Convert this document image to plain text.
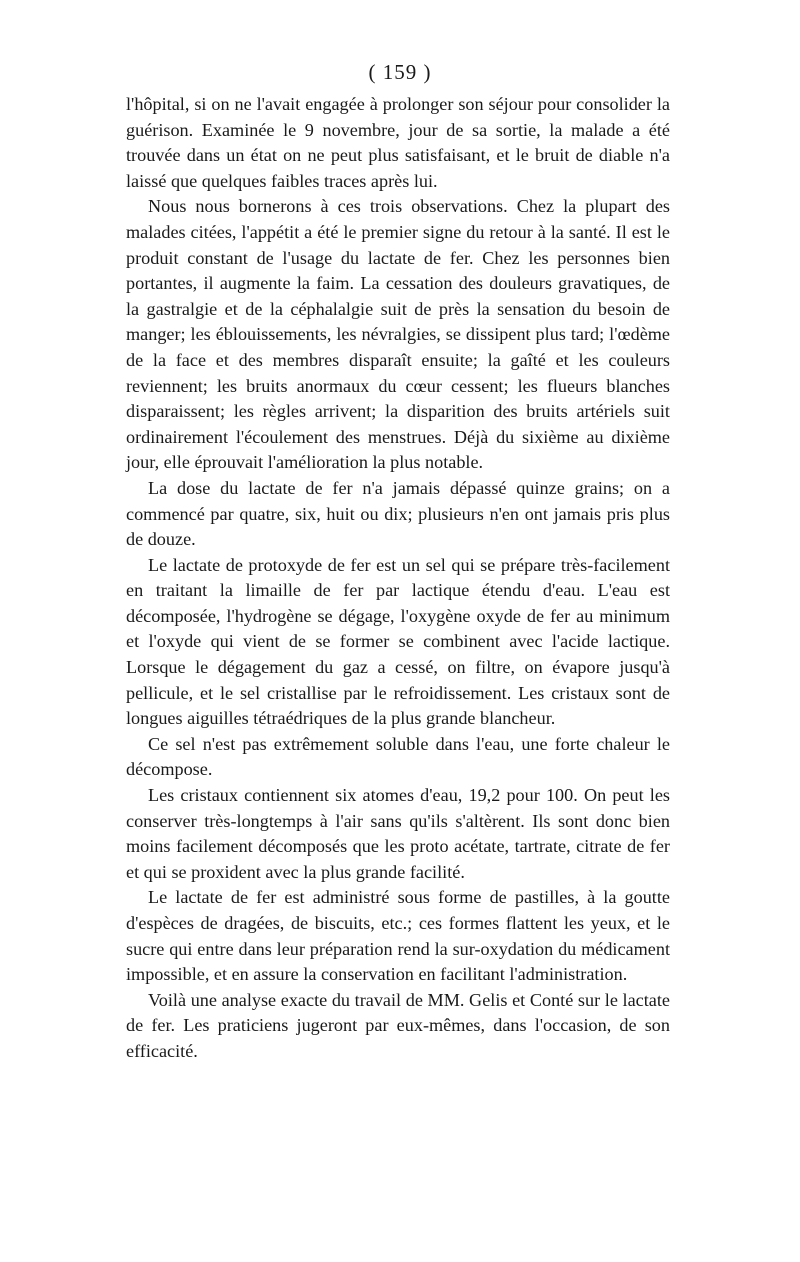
( 159 )

l'hôpital, si on ne l'avait engagée à prolonger son séjour pour consolider la guérison. Examinée le 9 novembre, jour de sa sortie, la malade a été trouvée dans un état on ne peut plus satisfaisant, et le bruit de diable n'a laissé que quelques faibles traces après lui.

Nous nous bornerons à ces trois observations. Chez la plupart des malades citées, l'appétit a été le premier signe du retour à la santé. Il est le produit constant de l'usage du lactate de fer. Chez les personnes bien portantes, il augmente la faim. La cessation des douleurs gravatiques, de la gastralgie et de la céphalalgie suit de près la sensation du besoin de manger; les éblouissements, les névralgies, se dissipent plus tard; l'œdème de la face et des membres disparaît ensuite; la gaîté et les couleurs reviennent; les bruits anormaux du cœur cessent; les flueurs blanches disparaissent; les règles arrivent; la disparition des bruits artériels suit ordinairement l'écoulement des menstrues. Déjà du sixième au dixième jour, elle éprouvait l'amélioration la plus notable.

La dose du lactate de fer n'a jamais dépassé quinze grains; on a commencé par quatre, six, huit ou dix; plusieurs n'en ont jamais pris plus de douze.

Le lactate de protoxyde de fer est un sel qui se prépare très-facilement en traitant la limaille de fer par lactique étendu d'eau. L'eau est décomposée, l'hydrogène se dégage, l'oxygène oxyde de fer au minimum et l'oxyde qui vient de se former se combinent avec l'acide lactique. Lorsque le dégagement du gaz a cessé, on filtre, on évapore jusqu'à pellicule, et le sel cristallise par le refroidissement. Les cristaux sont de longues aiguilles tétraédriques de la plus grande blancheur.

Ce sel n'est pas extrêmement soluble dans l'eau, une forte chaleur le décompose.

Les cristaux contiennent six atomes d'eau, 19,2 pour 100. On peut les conserver très-longtemps à l'air sans qu'ils s'altèrent. Ils sont donc bien moins facilement décomposés que les proto acétate, tartrate, citrate de fer et qui se proxident avec la plus grande facilité.

Le lactate de fer est administré sous forme de pastilles, à la goutte d'espèces de dragées, de biscuits, etc.; ces formes flattent les yeux, et le sucre qui entre dans leur préparation rend la sur-oxydation du médicament impossible, et en assure la conservation en facilitant l'administration.

Voilà une analyse exacte du travail de MM. Gelis et Conté sur le lactate de fer. Les praticiens jugeront par eux-mêmes, dans l'occasion, de son efficacité.
